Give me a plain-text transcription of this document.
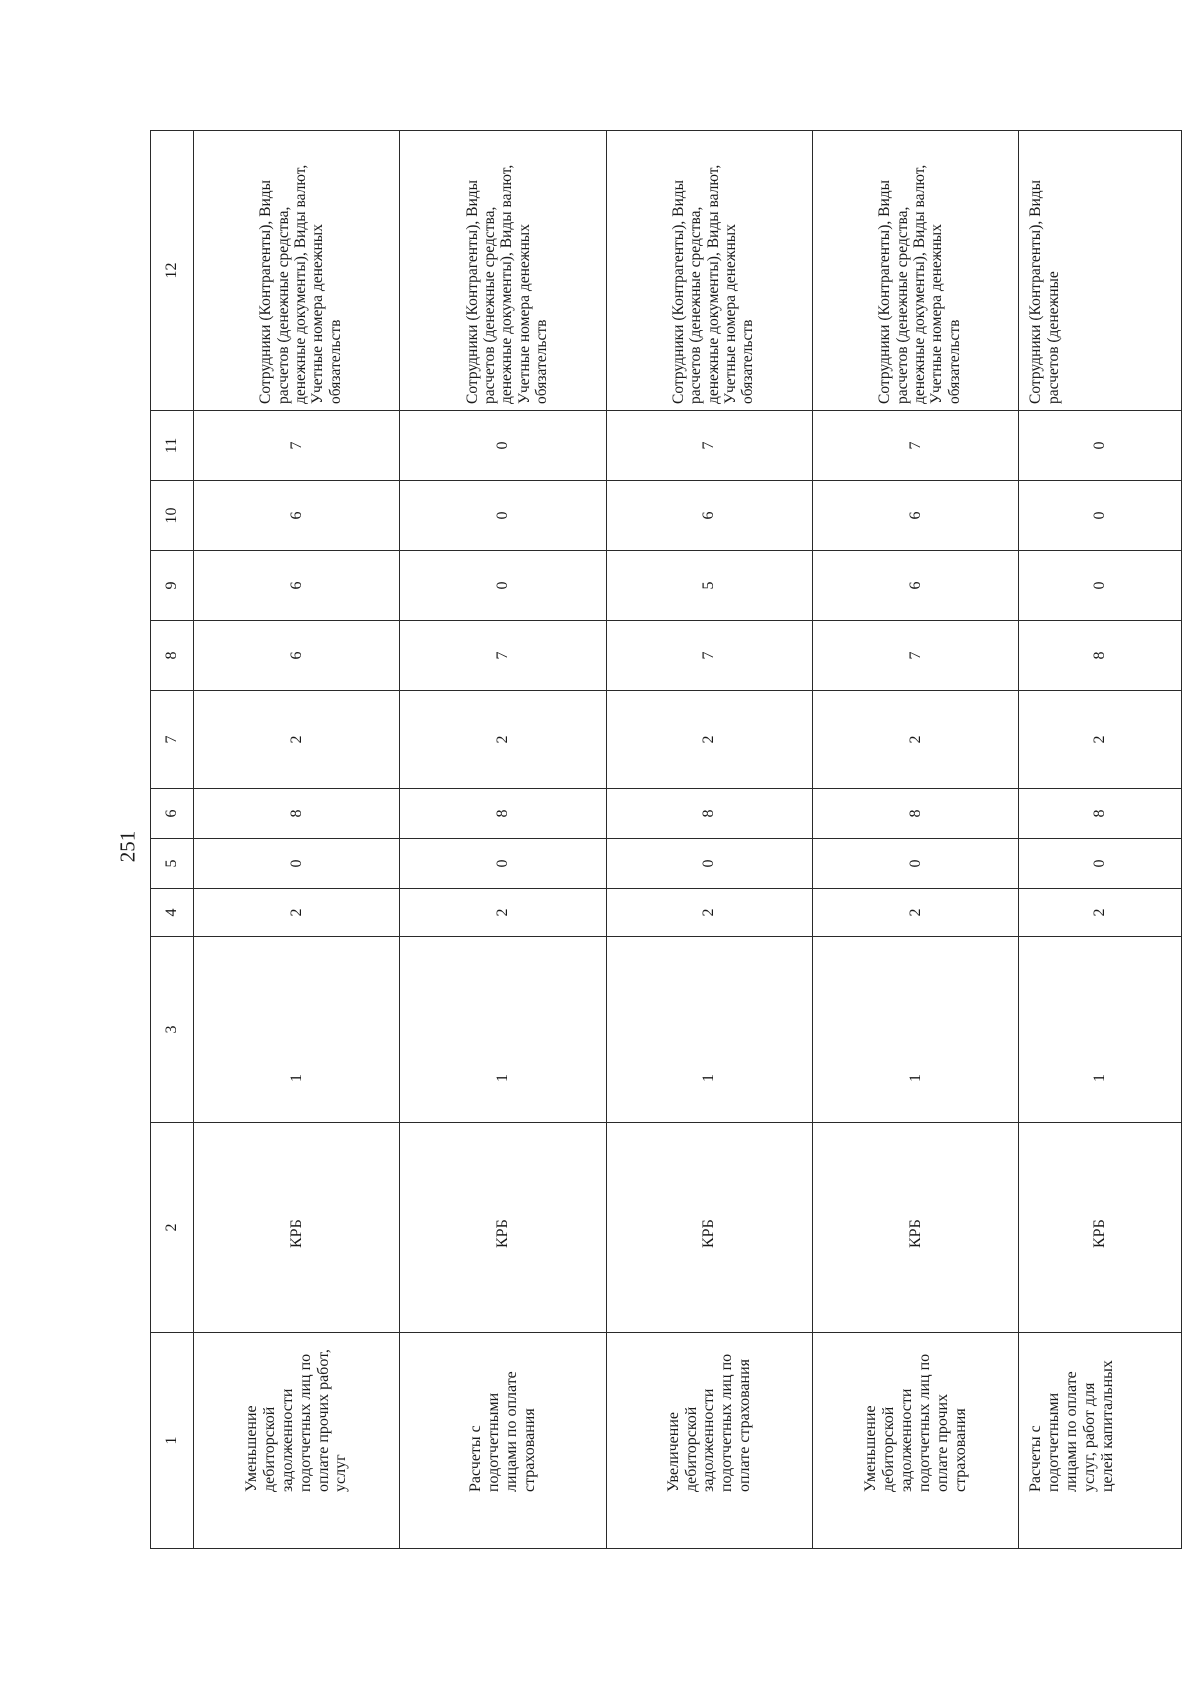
251
1	2	3	4	5	6	7	8	9	10	11	12
Уменьшение дебиторской задолженности подотчетных лиц по оплате прочих работ, услуг	КРБ	1	2	0	8	2	6	6	6	7	Сотрудники (Контрагенты), Виды расчетов (денежные средства, денежные документы), Виды валют, Учетные номера денежных обязательств
Расчеты с подотчетными лицами по оплате страхования	КРБ	1	2	0	8	2	7	0	0	0	Сотрудники (Контрагенты), Виды расчетов (денежные средства, денежные документы), Виды валют, Учетные номера денежных обязательств
Увеличение дебиторской задолженности подотчетных лиц по оплате страхования	КРБ	1	2	0	8	2	7	5	6	7	Сотрудники (Контрагенты), Виды расчетов (денежные средства, денежные документы), Виды валют, Учетные номера денежных обязательств
Уменьшение дебиторской задолженности подотчетных лиц по оплате прочих страхования	КРБ	1	2	0	8	2	7	6	6	7	Сотрудники (Контрагенты), Виды расчетов (денежные средства, денежные документы), Виды валют, Учетные номера денежных обязательств
Расчеты с подотчетными лицами по оплате услуг, работ для целей капитальных	КРБ	1	2	0	8	2	8	0	0	0	Сотрудники (Контрагенты), Виды расчетов (денежные
